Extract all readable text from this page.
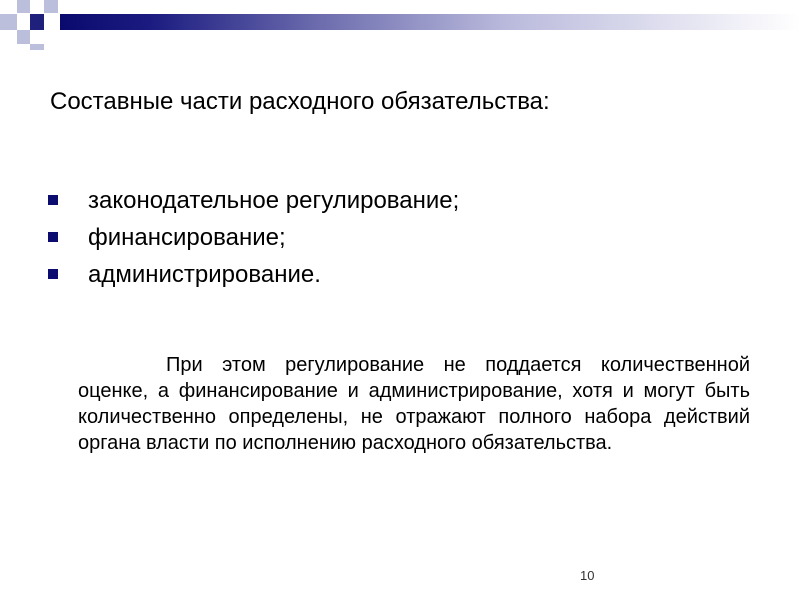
Составные части расходного обязательства:
законодательное регулирование;
финансирование;
администрирование.

При этом регулирование не поддается количественной оценке, а финансирование и администрирование, хотя и могут быть количественно определены, не отражают полного набора действий органа власти по исполнению расходного обязательства.

10
